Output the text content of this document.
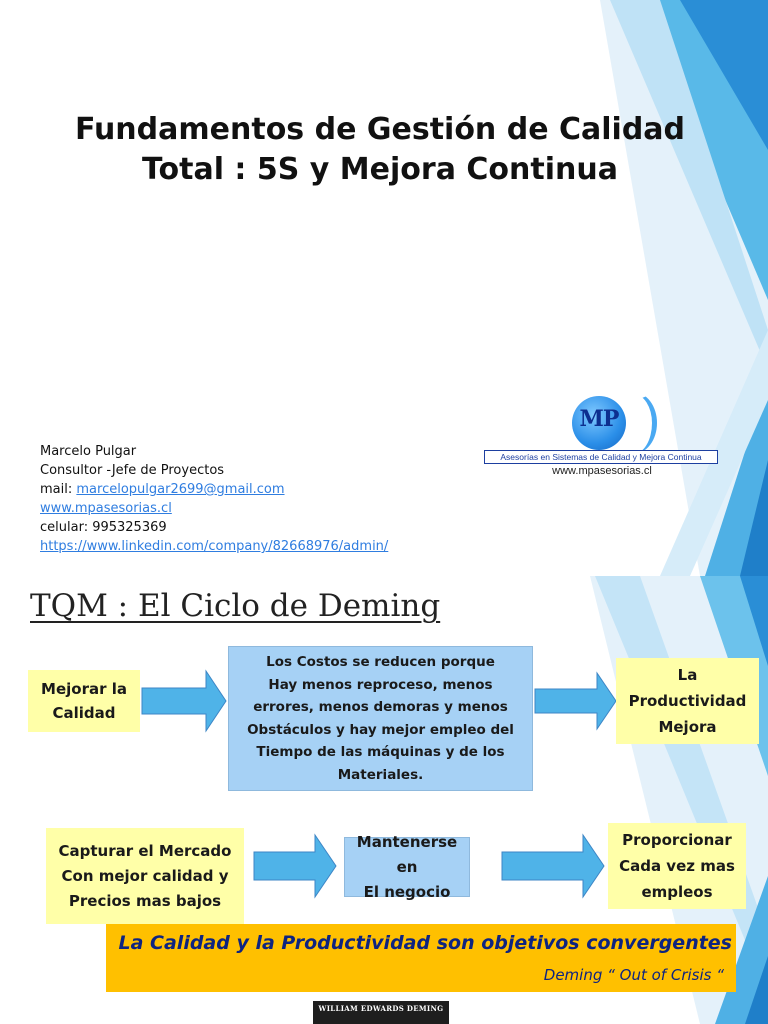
Fundamentos de Gestión de Calidad
Total : 5S y Mejora Continua
Marcelo Pulgar
Consultor -Jefe de Proyectos
mail: marcelopulgar2699@gmail.com
www.mpasesorias.cl
celular: 995325369
https://www.linkedin.com/company/82668976/admin/
MP
Asesorías en Sistemas de Calidad y Mejora Continua
www.mpasesorias.cl
TQM : El Ciclo de Deming
Mejorar la
Calidad
Los Costos se reducen porque
Hay menos reproceso, menos
errores, menos demoras y menos
Obstáculos y hay mejor empleo del
Tiempo de las máquinas y de los
Materiales.
La
Productividad
Mejora
Capturar el Mercado
Con mejor calidad y
Precios mas bajos
Mantenerse en
El negocio
Proporcionar
Cada vez mas
empleos
La Calidad y la Productividad son objetivos convergentes
Deming “ Out of Crisis “
WILLIAM EDWARDS DEMING
